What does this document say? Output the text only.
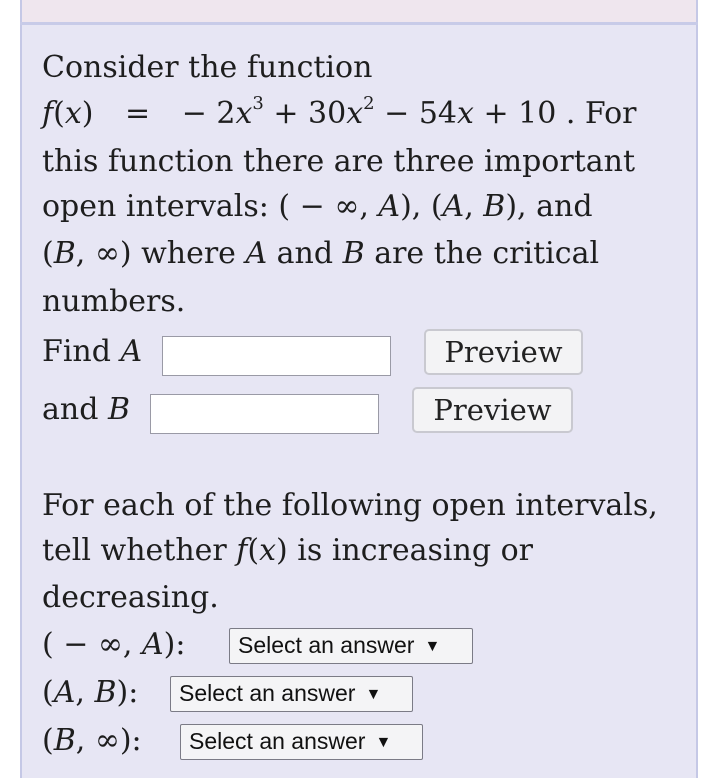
Consider the function
f(x) = − $2x^3 + 30x^2 - 54x + 10$ . For
this function there are three important
open intervals: ( − ∞, A), (A, B), and
(B, ∞) where A and B are the critical
numbers.
Find A	Preview
and B	Preview
For each of the following open intervals,
tell whether f(x) is increasing or
decreasing.
( − ∞, A):	Select an answer ▼
(A, B):	Select an answer ▼
(B, ∞):	Select an answer ▼
